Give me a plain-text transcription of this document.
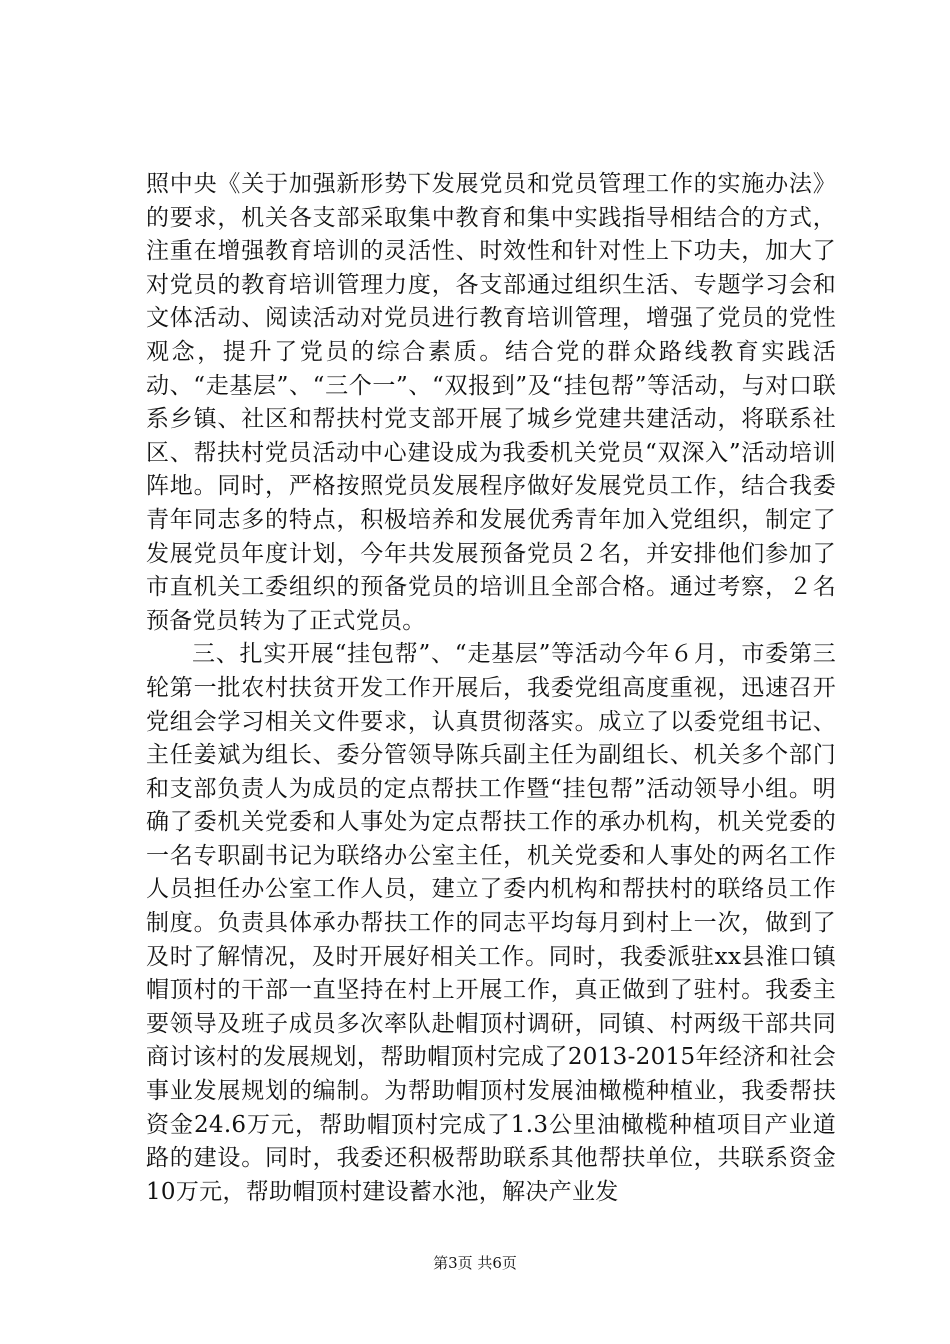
照中央《关于加强新形势下发展党员和党员管理工作的实施办法》的要求，机关各支部采取集中教育和集中实践指导相结合的方式，注重在增强教育培训的灵活性、时效性和针对性上下功夫，加大了对党员的教育培训管理力度，各支部通过组织生活、专题学习会和文体活动、阅读活动对党员进行教育培训管理，增强了党员的党性观念，提升了党员的综合素质。结合党的群众路线教育实践活动、“走基层”、“三个一”、“双报到”及“挂包帮”等活动，与对口联系乡镇、社区和帮扶村党支部开展了城乡党建共建活动，将联系社区、帮扶村党员活动中心建设成为我委机关党员“双深入”活动培训阵地。同时，严格按照党员发展程序做好发展党员工作，结合我委青年同志多的特点，积极培养和发展优秀青年加入党组织，制定了发展党员年度计划，今年共发展预备党员２名，并安排他们参加了市直机关工委组织的预备党员的培训且全部合格。通过考察，２名预备党员转为了正式党员。

三、扎实开展“挂包帮”、“走基层”等活动今年６月，市委第三轮第一批农村扶贫开发工作开展后，我委党组高度重视，迅速召开党组会学习相关文件要求，认真贯彻落实。成立了以委党组书记、主任姜斌为组长、委分管领导陈兵副主任为副组长、机关多个部门和支部负责人为成员的定点帮扶工作暨“挂包帮”活动领导小组。明确了委机关党委和人事处为定点帮扶工作的承办机构，机关党委的一名专职副书记为联络办公室主任，机关党委和人事处的两名工作人员担任办公室工作人员，建立了委内机构和帮扶村的联络员工作制度。负责具体承办帮扶工作的同志平均每月到村上一次，做到了及时了解情况，及时开展好相关工作。同时，我委派驻xx县淮口镇帽顶村的干部一直坚持在村上开展工作，真正做到了驻村。我委主要领导及班子成员多次率队赴帽顶村调研，同镇、村两级干部共同商讨该村的发展规划，帮助帽顶村完成了2013-2015年经济和社会事业发展规划的编制。为帮助帽顶村发展油橄榄种植业，我委帮扶资金24.6万元，帮助帽顶村完成了1.3公里油橄榄种植项目产业道路的建设。同时，我委还积极帮助联系其他帮扶单位，共联系资金10万元，帮助帽顶村建设蓄水池，解决产业发

第3页 共6页
